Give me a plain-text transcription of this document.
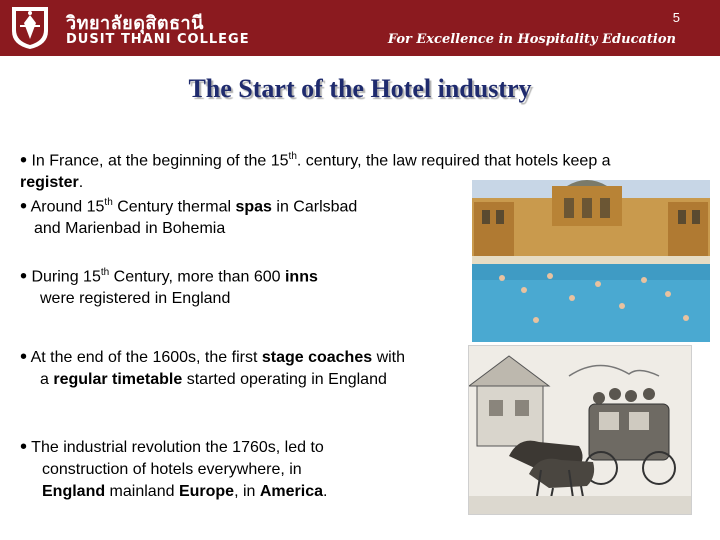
วิทยาลัยดุสิตธานี
DUSIT THANI COLLEGE
5
For Excellence in Hospitality Education
The Start of the Hotel industry
• In France, at the beginning of the 15th. century, the law required that hotels keep a
register.
• Around 15th Century thermal spas in Carlsbad
and Marienbad in Bohemia
• During 15th Century, more than 600 inns
were registered in England
• At the end of the 1600s, the first stage coaches with
a regular timetable started operating in England
• The industrial revolution the 1760s, led to
construction of hotels everywhere, in
England mainland Europe, in America.
